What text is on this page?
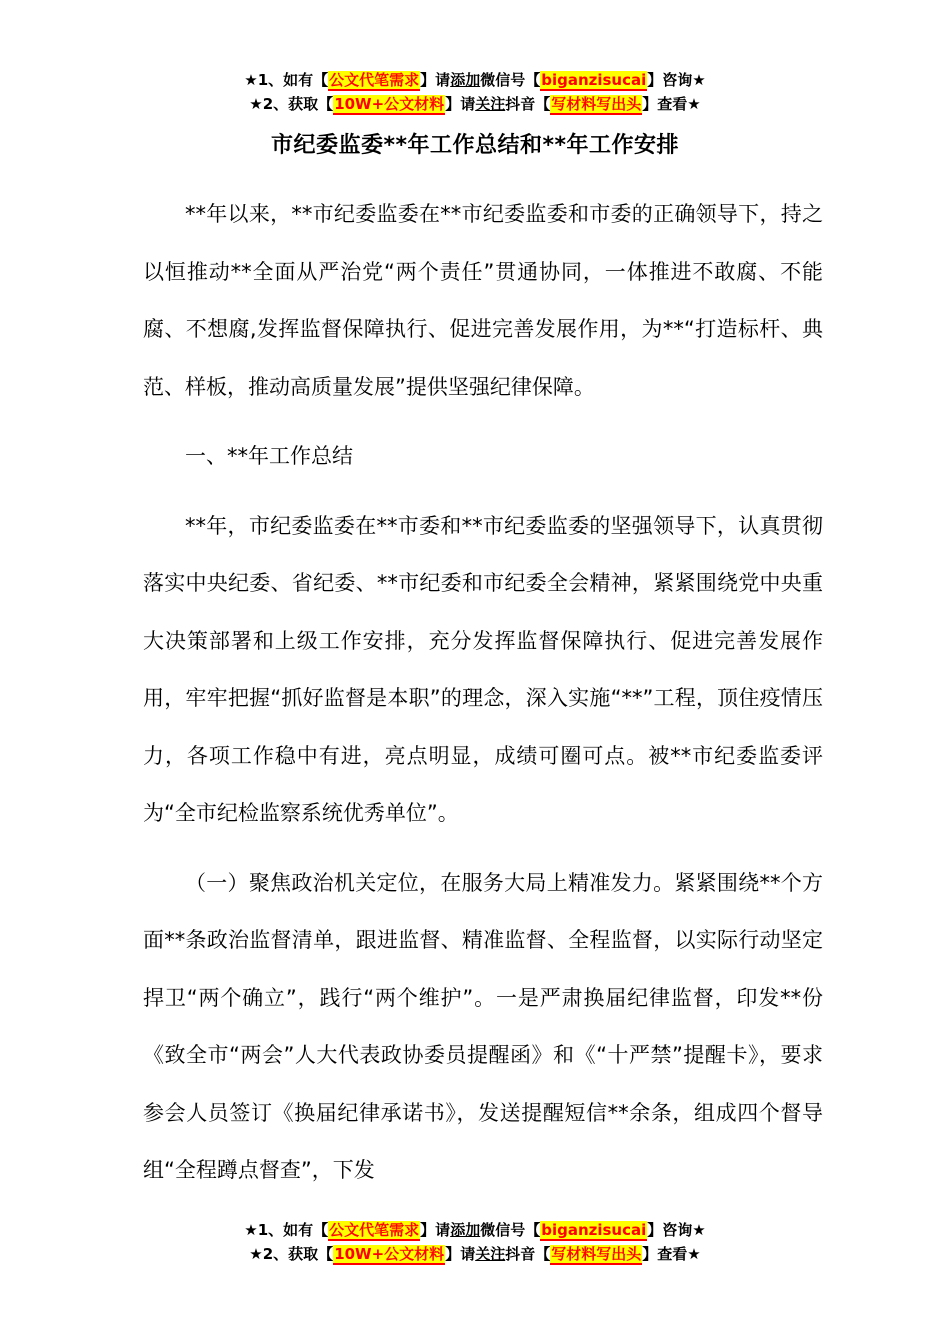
★1、如有【公文代笔需求】请添加微信号【biganzisucai】咨询★
★2、获取【10W+公文材料】请关注抖音【写材料写出头】查看★
市纪委监委**年工作总结和**年工作安排

**年以来，**市纪委监委在**市纪委监委和市委的正确领导下，持之以恒推动**全面从严治党“两个责任”贯通协同，一体推进不敢腐、不能腐、不想腐,发挥监督保障执行、促进完善发展作用，为**“打造标杆、典范、样板，推动高质量发展”提供坚强纪律保障。

一、**年工作总结

**年，市纪委监委在**市委和**市纪委监委的坚强领导下，认真贯彻落实中央纪委、省纪委、**市纪委和市纪委全会精神，紧紧围绕党中央重大决策部署和上级工作安排，充分发挥监督保障执行、促进完善发展作用，牢牢把握“抓好监督是本职”的理念，深入实施“**”工程，顶住疫情压力，各项工作稳中有进，亮点明显，成绩可圈可点。被**市纪委监委评为“全市纪检监察系统优秀单位”。

（一）聚焦政治机关定位，在服务大局上精准发力。紧紧围绕**个方面**条政治监督清单，跟进监督、精准监督、全程监督，以实际行动坚定捍卫“两个确立”，践行“两个维护”。一是严肃换届纪律监督，印发**份《致全市“两会”人大代表政协委员提醒函》和《“十严禁”提醒卡》，要求参会人员签订《换届纪律承诺书》，发送提醒短信**余条，组成四个督导组“全程蹲点督查”，下发

★1、如有【公文代笔需求】请添加微信号【biganzisucai】咨询★
★2、获取【10W+公文材料】请关注抖音【写材料写出头】查看★
